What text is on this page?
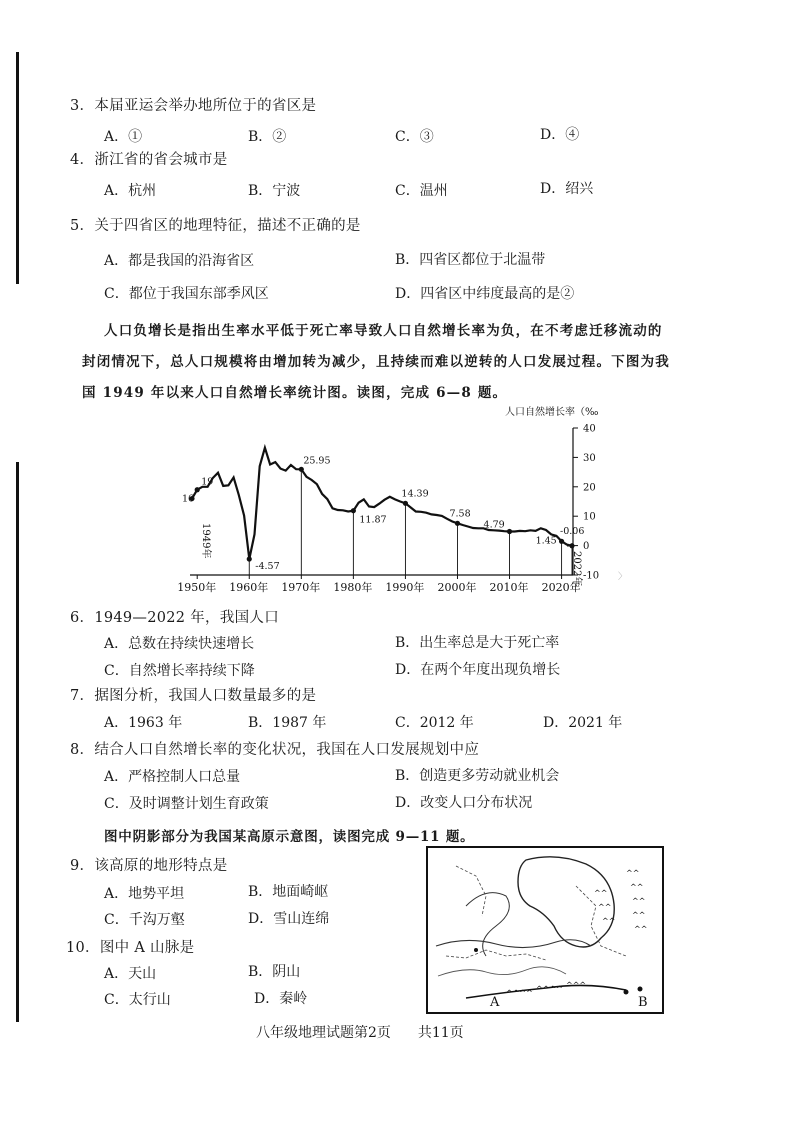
3．本届亚运会举办地所位于的省区是
A．①	B．②	C．③	D．④
4．浙江省的省会城市是
A．杭州	B．宁波	C．温州	D．绍兴
5．关于四省区的地理特征，描述不正确的是
A．都是我国的沿海省区	B．四省区都位于北温带
C．都位于我国东部季风区	D．四省区中纬度最高的是②
人口负增长是指出生率水平低于死亡率导致人口自然增长率为负，在不考虑迁移流动的
封闭情况下，总人口规模将由增加转为减少，且持续而难以逆转的人口发展过程。下图为我
国 1949 年以来人口自然增长率统计图。读图，完成 6—8 题。
人口自然增长率（‰
40
30
20
10
0
-10
1950年 1960年 1970年 1980年 1990年 2000年 2010年 2020年
16
19
-4.57
25.95
11.87
14.39
7.58
4.79
1.45
-0.06
1949年
2022年	〉
6．1949—2022 年，我国人口
A．总数在持续快速增长	B．出生率总是大于死亡率
C．自然增长率持续下降	D．在两个年度出现负增长
7．据图分析，我国人口数量最多的是
A．1963 年	B．1987 年	C．2012 年	D．2021 年
8．结合人口自然增长率的变化状况，我国在人口发展规划中应
A．严格控制人口总量	B．创造更多劳动就业机会
C．及时调整计划生育政策	D．改变人口分布状况
图中阴影部分为我国某高原示意图，读图完成 9—11 题。
9．该高原的地形特点是
A．地势平坦	B．地面崎岖
C．千沟万壑	D．雪山连绵
10．图中 A 山脉是
A．天山	B．阴山
C．太行山	D．秦岭
^^
^^
^^
^^
^^
^^
^^
^^
^^^^ ^^^^ ^^^
A	B
八年级地理试题第2页 共11页
